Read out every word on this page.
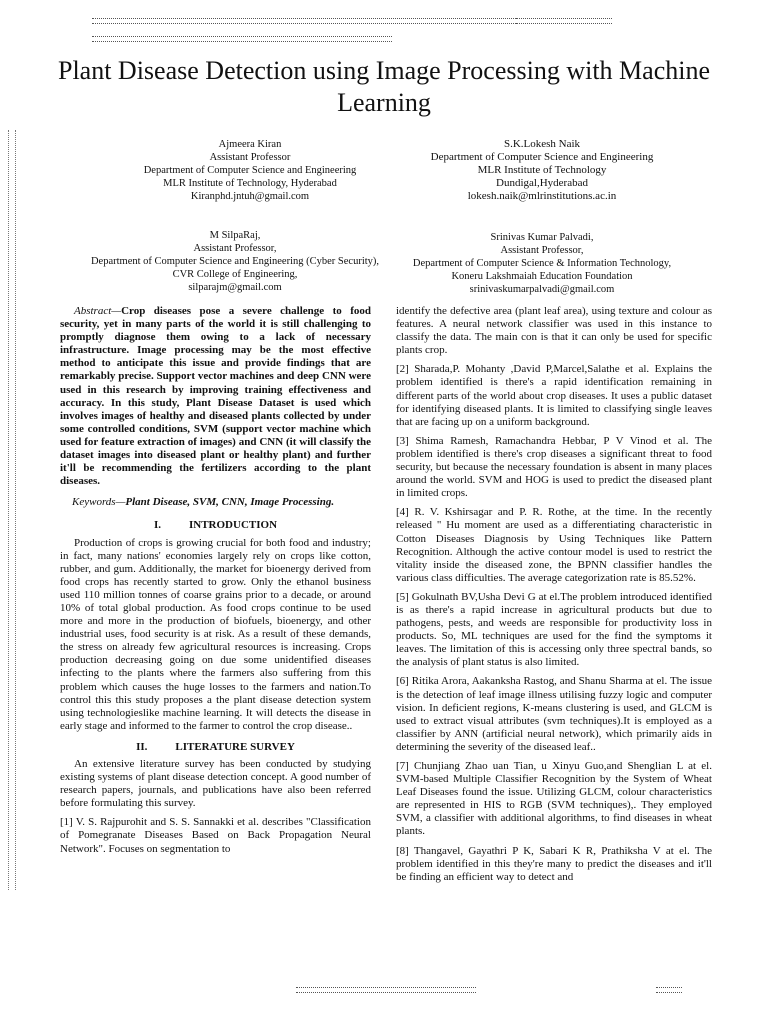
Plant Disease Detection using Image Processing with Machine Learning
Ajmeera Kiran
Assistant Professor
Department of Computer Science and Engineering
MLR Institute of Technology, Hyderabad
Kiranphd.jntuh@gmail.com
S.K.Lokesh Naik
Department of Computer Science and Engineering
MLR Institute of Technology
Dundigal,Hyderabad
lokesh.naik@mlrinstitutions.ac.in
M SilpaRaj,
Assistant Professor,
Department of Computer Science and Engineering (Cyber Security),
CVR College of Engineering,
silparajm@gmail.com
Srinivas Kumar Palvadi,
Assistant Professor,
Department of Computer Science & Information Technology,
Koneru Lakshmaiah Education Foundation
srinivaskumarpalvadi@gmail.com

Abstract—Crop diseases pose a severe challenge to food security, yet in many parts of the world it is still challenging to promptly diagnose them owing to a lack of necessary infrastructure. Image processing may be the most effective method to anticipate this issue and provide findings that are remarkably precise. Support vector machines and deep CNN were used in this research by improving training effectiveness and accuracy. In this study, Plant Disease Dataset is used which involves images of healthy and diseased plants collected by under some controlled conditions, SVM (support vector machine which used for feature extraction of images) and CNN (it will classify the dataset images into diseased plant or healthy plant) and further it'll be recommending the fertilizers according to the plant diseases.

Keywords—Plant Disease, SVM, CNN, Image Processing.

I.	INTRODUCTION

Production of crops is growing crucial for both food and industry; in fact, many nations' economies largely rely on crops like cotton, rubber, and gum. Additionally, the market for bioenergy derived from food crops has recently started to grow. Only the ethanol business used 110 million tonnes of coarse grains prior to a decade, or around 10% of total global production. As food crops continue to be used more and more in the production of biofuels, bioenergy, and other industrial uses, food security is at risk. As a result of these demands, the stress on already few agricultural resources is increasing. Crops production decreasing going on due some unidentified diseases infecting to the plants where the farmers also suffering from this problem which causes the huge losses to the farmers and nation.To control this this study proposes a the plant disease detection system using technologieslike machine learning. It will detects the disease in early stage and informed to the farmer to control the crop disease..

II.	LITERATURE SURVEY

An extensive literature survey has been conducted by studying existing systems of plant disease detection concept. A good number of research papers, journals, and publications have also been referred before formulating this survey.

[1] V. S. Rajpurohit and S. S. Sannakki et al. describes "Classification of Pomegranate Diseases Based on Back Propagation Neural Network". Focuses on segmentation to

identify the defective area (plant leaf area), using texture and colour as features. A neural network classifier was used in this instance to classify the data. The main con is that it can only be used for specific plants crop.

[2] Sharada,P. Mohanty ,David P,Marcel,Salathe et al. Explains the problem identified is there's a rapid identification remaining in different parts of the world about crop diseases. It uses a public dataset for identifying diseased plants. It is limited to classifying single leaves that are facing up on a uniform background.

[3] Shima Ramesh, Ramachandra Hebbar, P V Vinod et al. The problem identified is there's crop diseases a significant threat to food security, but because the necessary foundation is absent in many places around the world. SVM and HOG is used to predict the diseased plant in limited crops.

[4] R. V. Kshirsagar and P. R. Rothe, at the time. In the recently released " Hu moment are used as a differentiating characteristic in Cotton Diseases Diagnosis by Using Techniques like Pattern Recognition. Although the active contour model is used to restrict the vitality inside the diseased zone, the BPNN classifier handles the various class difficulties. The average categorization rate is 85.52%.

[5] Gokulnath BV,Usha Devi G at el.The problem introduced identified is as there's a rapid increase in agricultural products but due to pathogens, pests, and weeds are responsible for productivity loss in products. So, ML techniques are used for the find the symptoms it leaves. The limitation of this is accessing only three spectral bands, so the analysis of plant status is also limited.

[6] Ritika Arora, Aakanksha Rastog, and Shanu Sharma at el. The issue is the detection of leaf image illness utilising fuzzy logic and computer vision. In deficient regions, K-means clustering is used, and GLCM is used to extract visual attributes (svm techniques).It is employed as a classifier by ANN (artificial neural network), which primarily aids in determining the severity of the diseased leaf..

[7] Chunjiang Zhao uan Tian, u Xinyu Guo,and Shenglian L at el. SVM-based Multiple Classifier Recognition by the System of Wheat Leaf Diseases found the issue. Utilizing GLCM, colour characteristics are represented in HIS to RGB (SVM techniques),. They employed SVM, a classifier with additional algorithms, to find diseases in wheat plants.

[8] Thangavel, Gayathri P K, Sabari K R, Prathiksha V at el. The problem identified in this they're many to predict the diseases and it'll be finding an efficient way to detect and
